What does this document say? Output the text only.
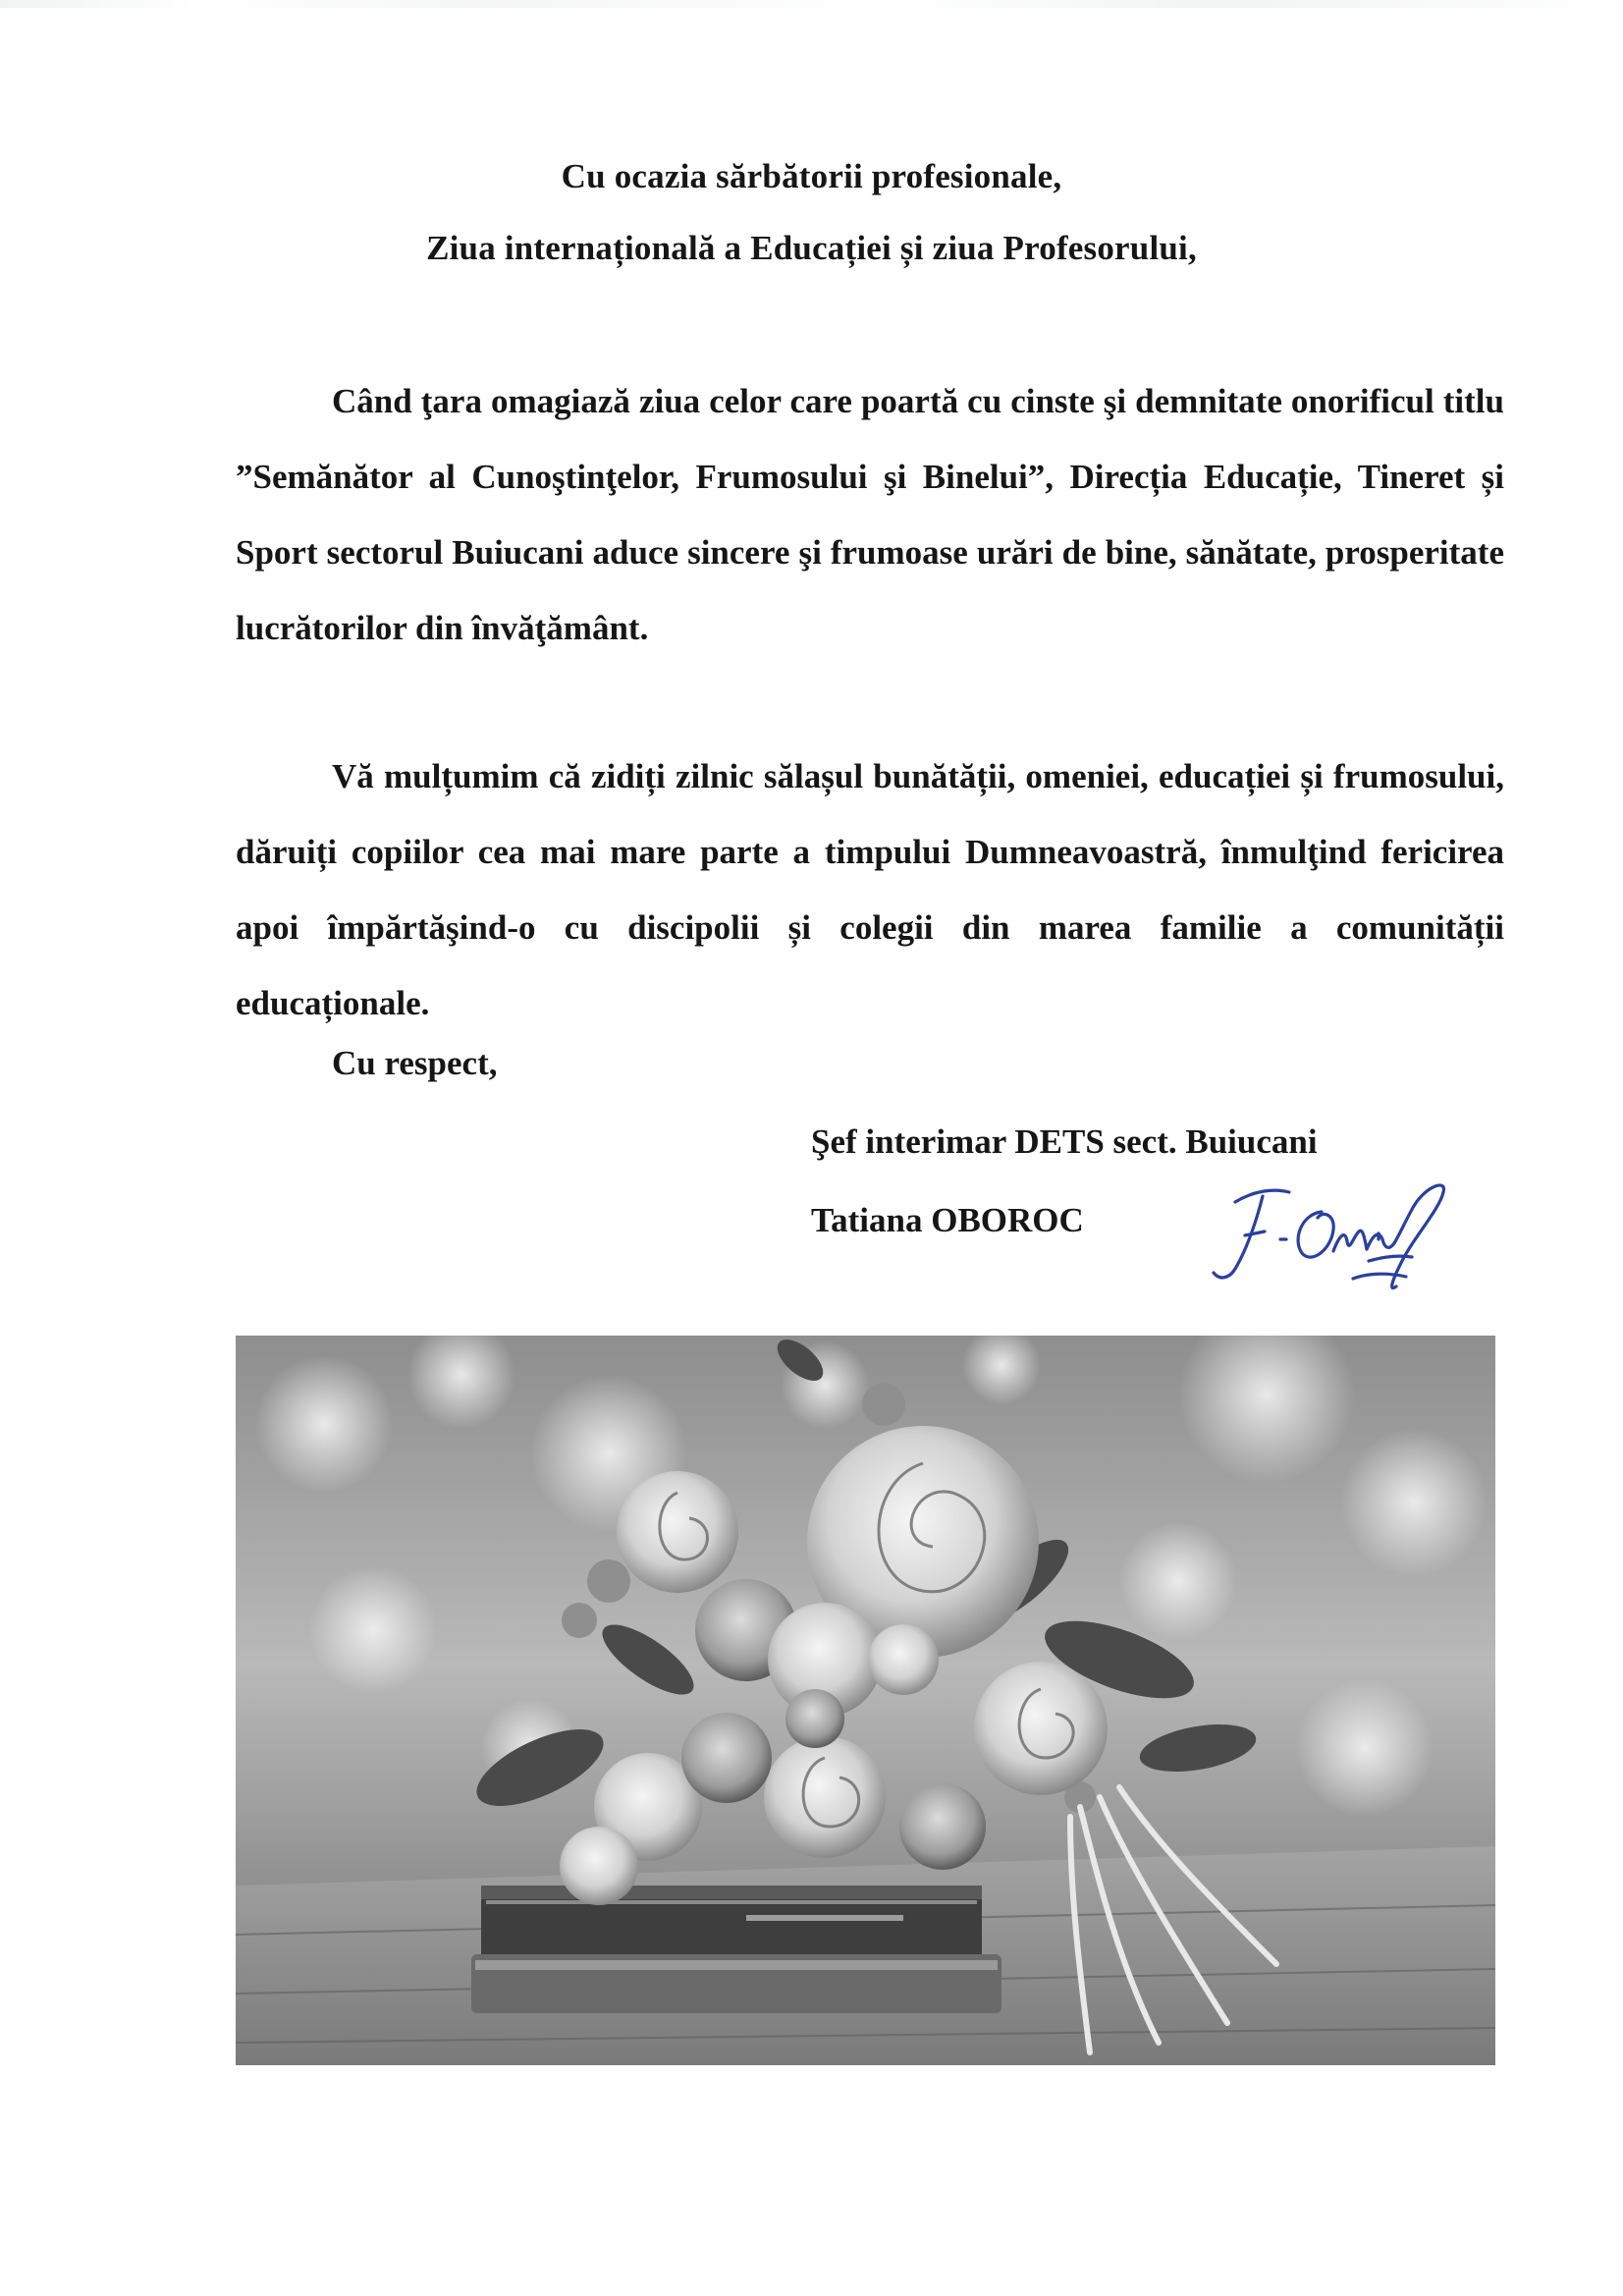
Cu ocazia sărbătorii profesionale,
Ziua internațională a Educației și ziua Profesorului,

Când ţara omagiază ziua celor care poartă cu cinste şi demnitate onorificul titlu ”Semănător al Cunoştinţelor, Frumosului şi Binelui”, Direcția Educație, Tineret și Sport sectorul Buiucani aduce sincere şi frumoase urări de bine, sănătate, prosperitate lucrătorilor din învăţământ.

Vă mulțumim că zidiți zilnic sălașul bunătății, omeniei, educației și frumosului, dăruiți copiilor cea mai mare parte a timpului Dumneavoastră, înmulţind fericirea apoi împărtăşind-o cu discipolii și colegii din marea familie a comunității educaționale.

Cu respect,
Şef interimar DETS sect. Buiucani
Tatiana OBOROC
